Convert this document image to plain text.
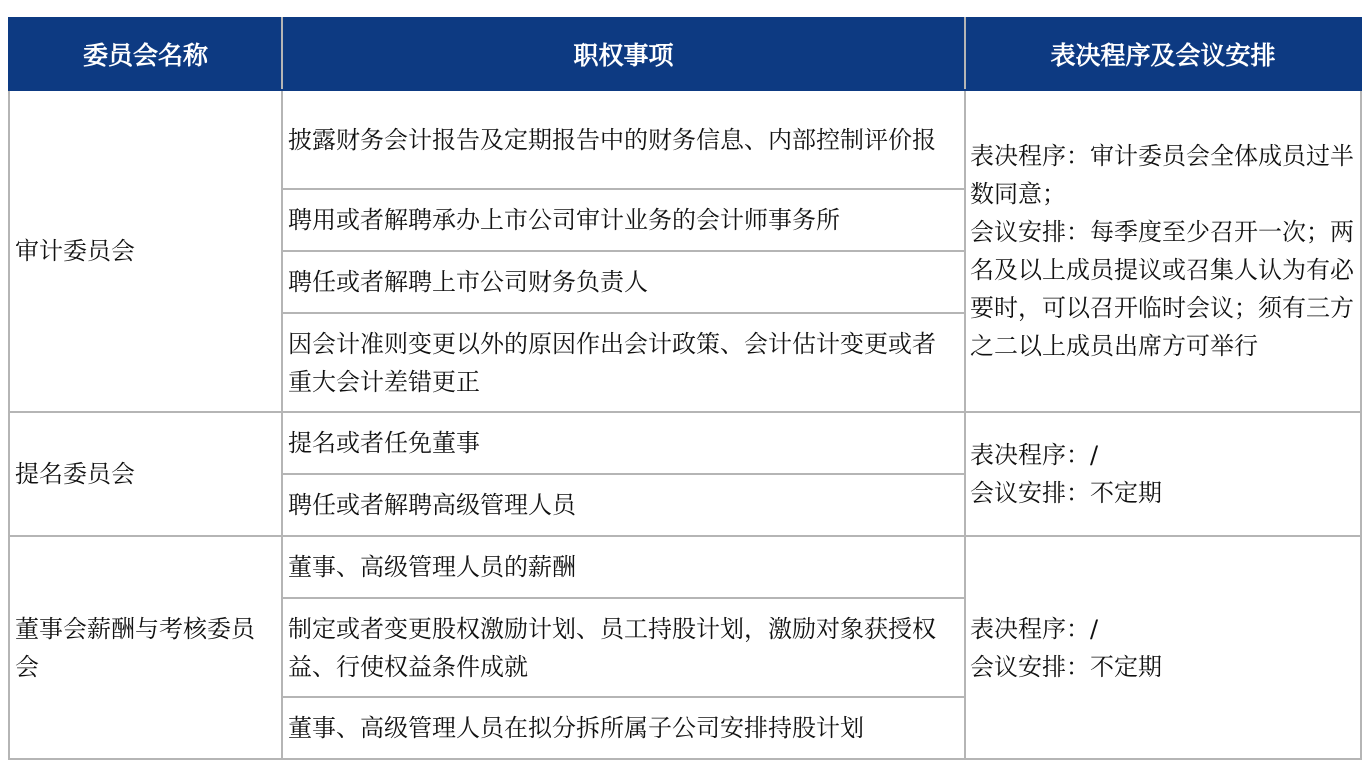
委员会名称	职权事项	表决程序及会议安排
审计委员会	披露财务会计报告及定期报告中的财务信息、内部控制评价报	表决程序：审计委员会全体成员过半数同意；
会议安排：每季度至少召开一次；两名及以上成员提议或召集人认为有必要时，可以召开临时会议；须有三方之二以上成员出席方可举行

	聘用或者解聘承办上市公司审计业务的会计师事务所	
	聘任或者解聘上市公司财务负责人	
	因会计准则变更以外的原因作出会计政策、会计估计变更或者重大会计差错更正	
提名委员会	提名或者任免董事	表决程序：/
会议安排：不定期

	聘任或者解聘高级管理人员	
董事会薪酬与考核委员会	董事、高级管理人员的薪酬	表决程序：/
会议安排：不定期

	制定或者变更股权激励计划、员工持股计划，激励对象获授权益、行使权益条件成就	
	董事、高级管理人员在拟分拆所属子公司安排持股计划	
